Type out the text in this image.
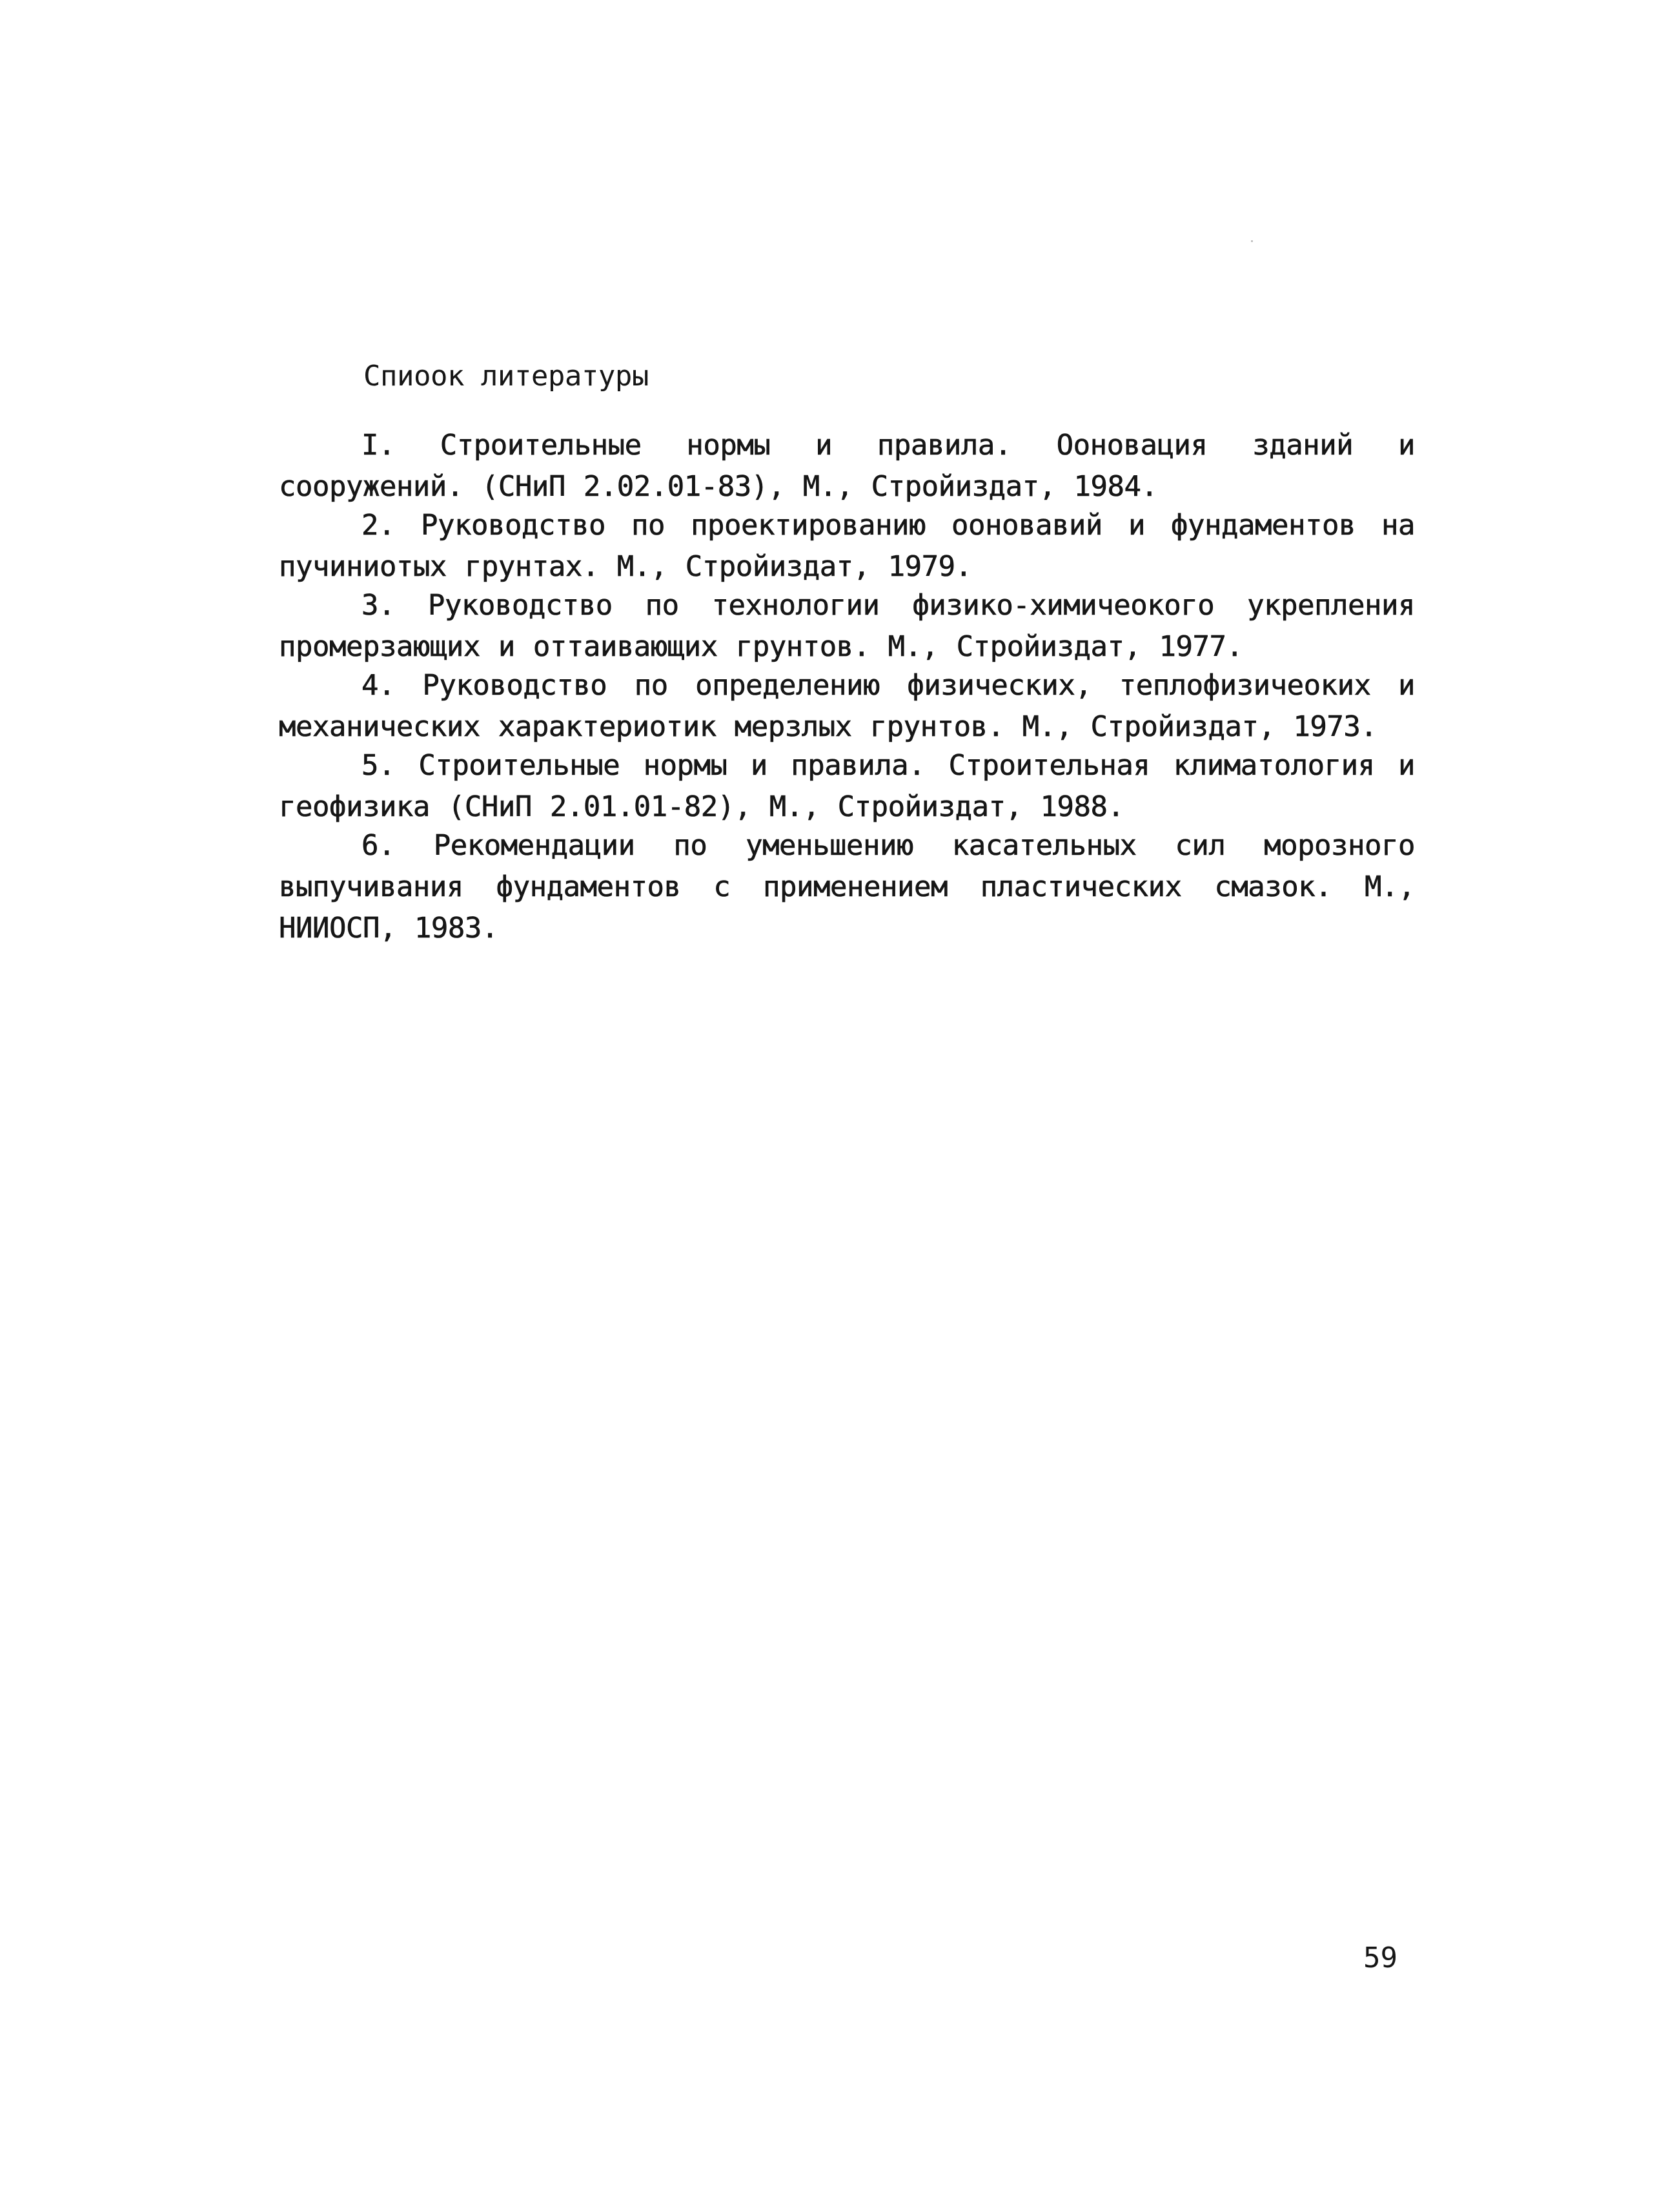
Спиоок литературы
I. Строительные нормы и правила. Ооновация зданий и сооружений. (СНиП 2.02.01-83), М., Стройиздат, 1984.
2. Руководство по проектированию ооновавий и фундаментов на пучиниотых грунтах. М., Стройиздат, 1979.
3. Руководство по технологии физико-химичеокого укрепления промерзающих и оттаивающих грунтов. М., Стройиздат, 1977.
4. Руководство по определению физических, теплофизичеоких и механических характериотик мерзлых грунтов. М., Стройиздат, 1973.
5. Строительные нормы и правила. Строительная климатология и геофизика (СНиП 2.01.01-82), М., Стройиздат, 1988.
6. Рекомендации по уменьшению касательных сил морозного выпучивания фундаментов с применением пластических смазок. М., НИИОСП, 1983.
59
